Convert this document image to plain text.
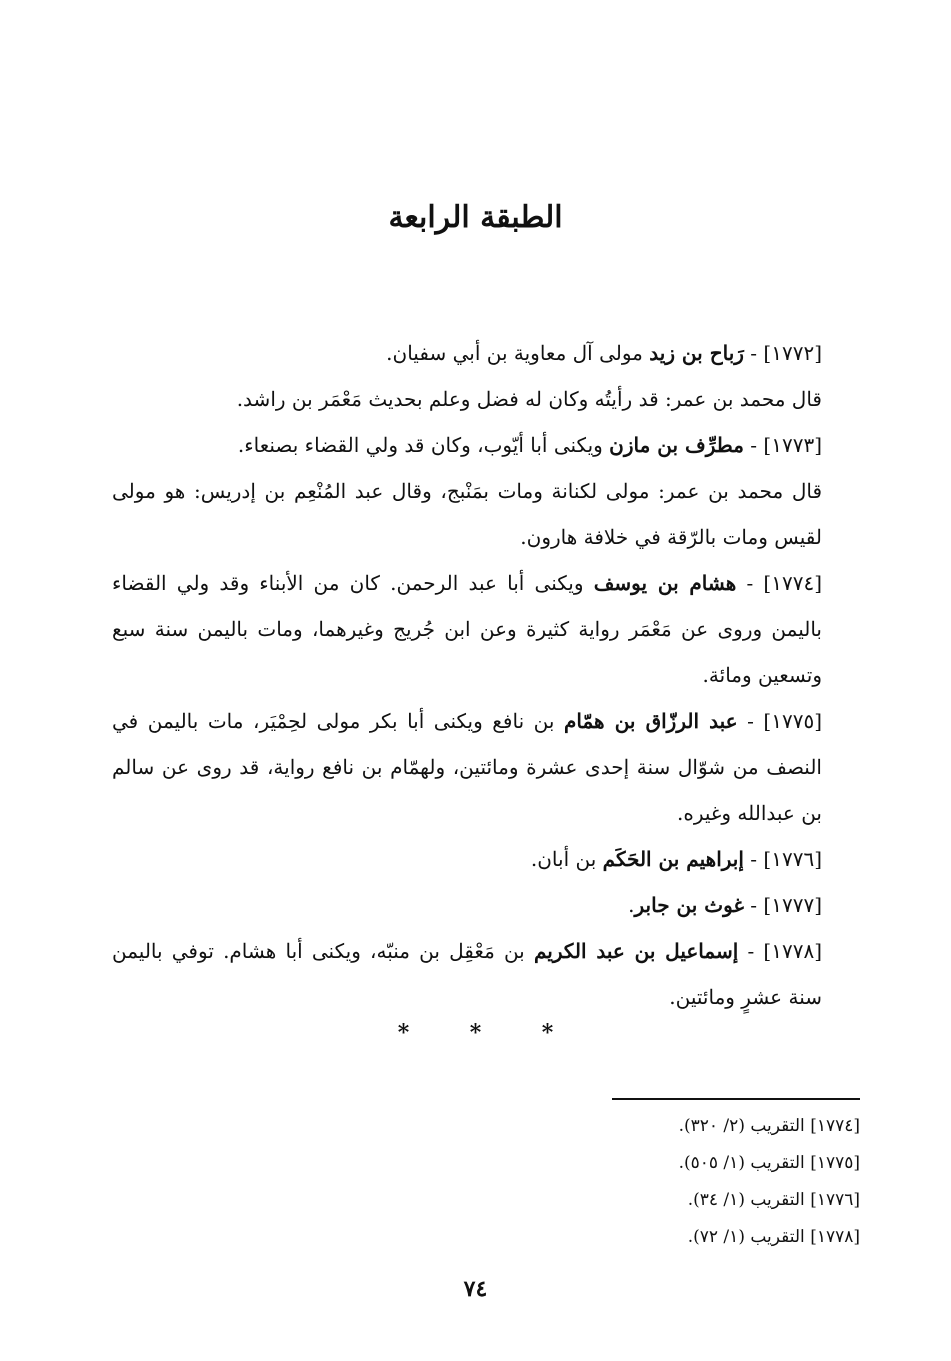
الطبقة الرابعة

[١٧٧٢] - رَباح بن زيد مولى آل معاوية بن أبي سفيان.

قال محمد بن عمر: قد رأيتُه وكان له فضل وعلم بحديث مَعْمَر بن راشد.

[١٧٧٣] - مطرِّف بن مازن ويكنى أبا أيّوب، وكان قد ولي القضاء بصنعاء.

قال محمد بن عمر: مولى لكنانة ومات بمَنْبج، وقال عبد المُنْعِم بن إدريس: هو مولى لقيس ومات بالرّقة في خلافة هارون.

[١٧٧٤] - هشام بن يوسف ويكنى أبا عبد الرحمن. كان من الأبناء وقد ولي القضاء باليمن وروى عن مَعْمَر رواية كثيرة وعن ابن جُريج وغيرهما، ومات باليمن سنة سبع وتسعين ومائة.

[١٧٧٥] - عبد الرزّاق بن همّام بن نافع ويكنى أبا بكر مولى لحِمْيَر، مات باليمن في النصف من شوّال سنة إحدى عشرة ومائتين، ولهمّام بن نافع رواية، قد روى عن سالم بن عبدالله وغيره.

[١٧٧٦] - إبراهيم بن الحَكَم بن أبان.

[١٧٧٧] - غوث بن جابر.

[١٧٧٨] - إسماعيل بن عبد الكريم بن مَعْقِل بن منبّه، ويكنى أبا هشام. توفي باليمن سنة عشرٍ ومائتين.

*	*	*

[١٧٧٤] التقريب (٢/ ٣٢٠).

[١٧٧٥] التقريب (١/ ٥٠٥).

[١٧٧٦] التقريب (١/ ٣٤).

[١٧٧٨] التقريب (١/ ٧٢).

٧٤
